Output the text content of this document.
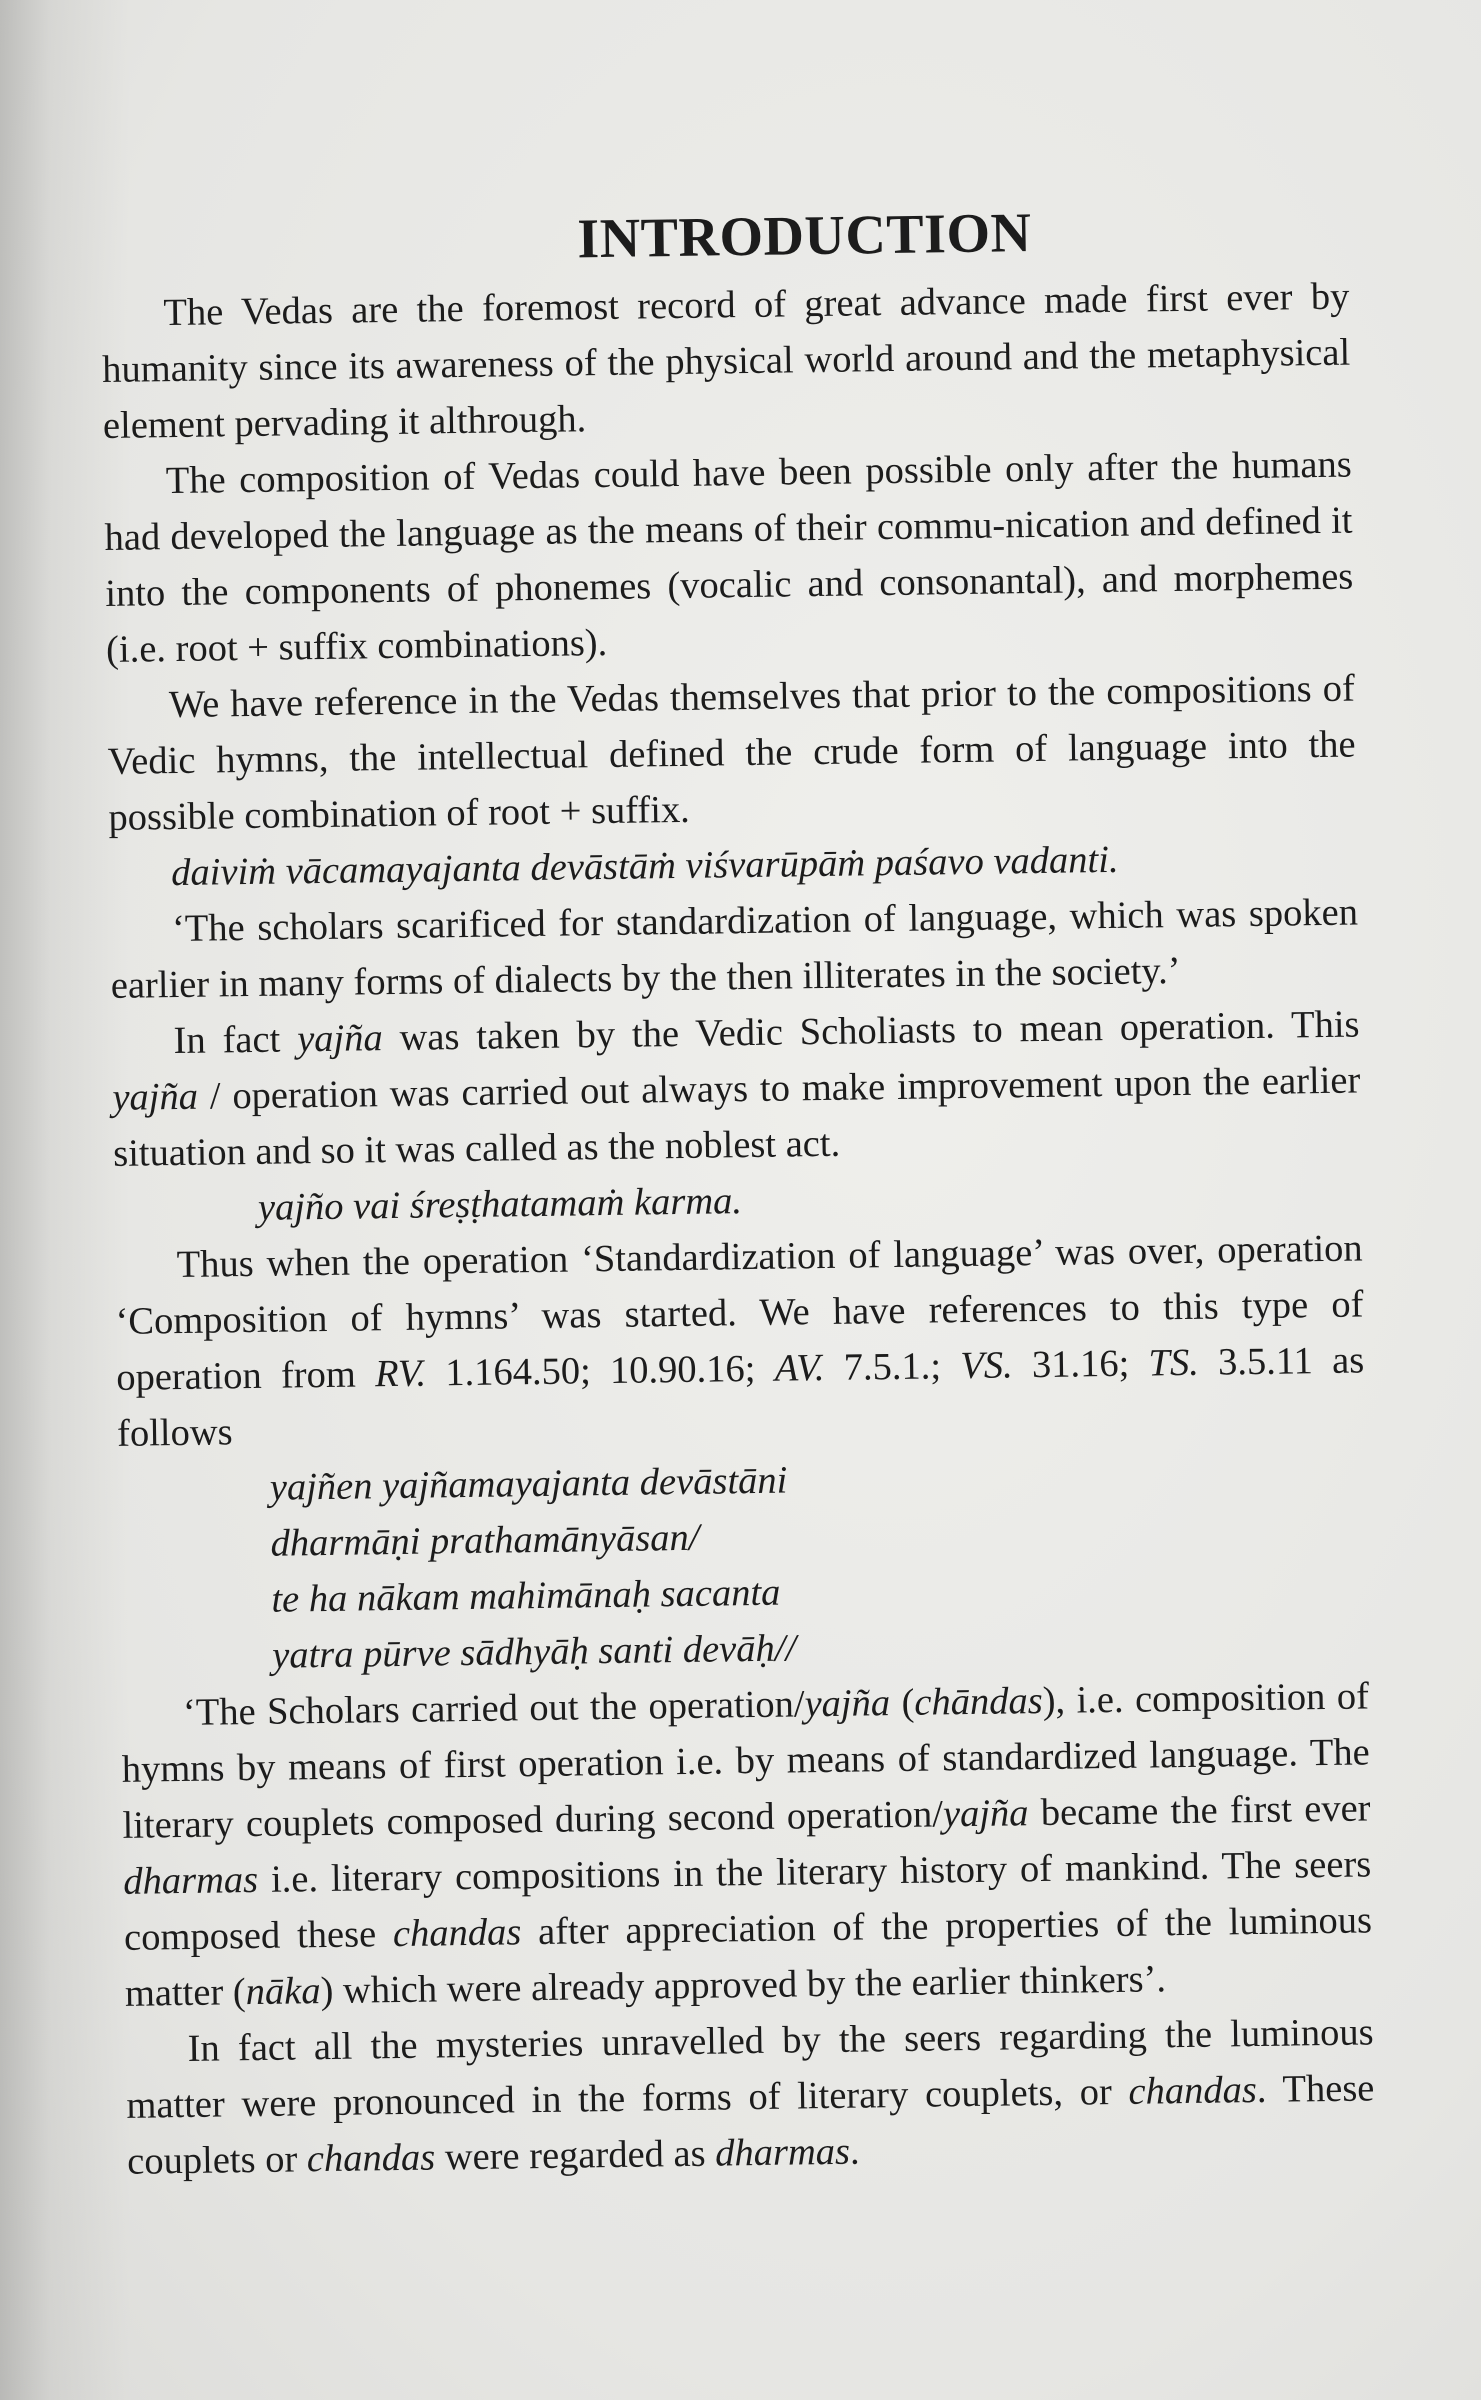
INTRODUCTION

The Vedas are the foremost record of great advance made first ever by humanity since its awareness of the physical world around and the metaphysical element pervading it althrough.

The composition of Vedas could have been possible only after the humans had developed the language as the means of their commu-nication and defined it into the components of phonemes (vocalic and consonantal), and morphemes (i.e. root + suffix combinations).

We have reference in the Vedas themselves that prior to the compositions of Vedic hymns, the intellectual defined the crude form of language into the possible combination of root + suffix.

daiviṁ vācamayajanta devāstāṁ viśvarūpāṁ paśavo vadanti.

‘The scholars scarificed for standardization of language, which was spoken earlier in many forms of dialects by the then illiterates in the society.’

In fact yajña was taken by the Vedic Scholiasts to mean operation. This yajña / operation was carried out always to make improvement upon the earlier situation and so it was called as the noblest act.

yajño vai śreṣṭhatamaṁ karma.

Thus when the operation ‘Standardization of language’ was over, operation ‘Composition of hymns’ was started. We have references to this type of operation from RV. 1.164.50; 10.90.16; AV. 7.5.1.; VS. 31.16; TS. 3.5.11 as follows

yajñen yajñamayajanta devāstāni

dharmāṇi prathamānyāsan/

te ha nākam mahimānaḥ sacanta

yatra pūrve sādhyāḥ santi devāḥ//

‘The Scholars carried out the operation/yajña (chāndas), i.e. composition of hymns by means of first operation i.e. by means of standardized language. The literary couplets composed during second operation/yajña became the first ever dharmas i.e. literary compositions in the literary history of mankind. The seers composed these chandas after appreciation of the properties of the luminous matter (nāka) which were already approved by the earlier thinkers’.

In fact all the mysteries unravelled by the seers regarding the luminous matter were pronounced in the forms of literary couplets, or chandas. These couplets or chandas were regarded as dharmas.
